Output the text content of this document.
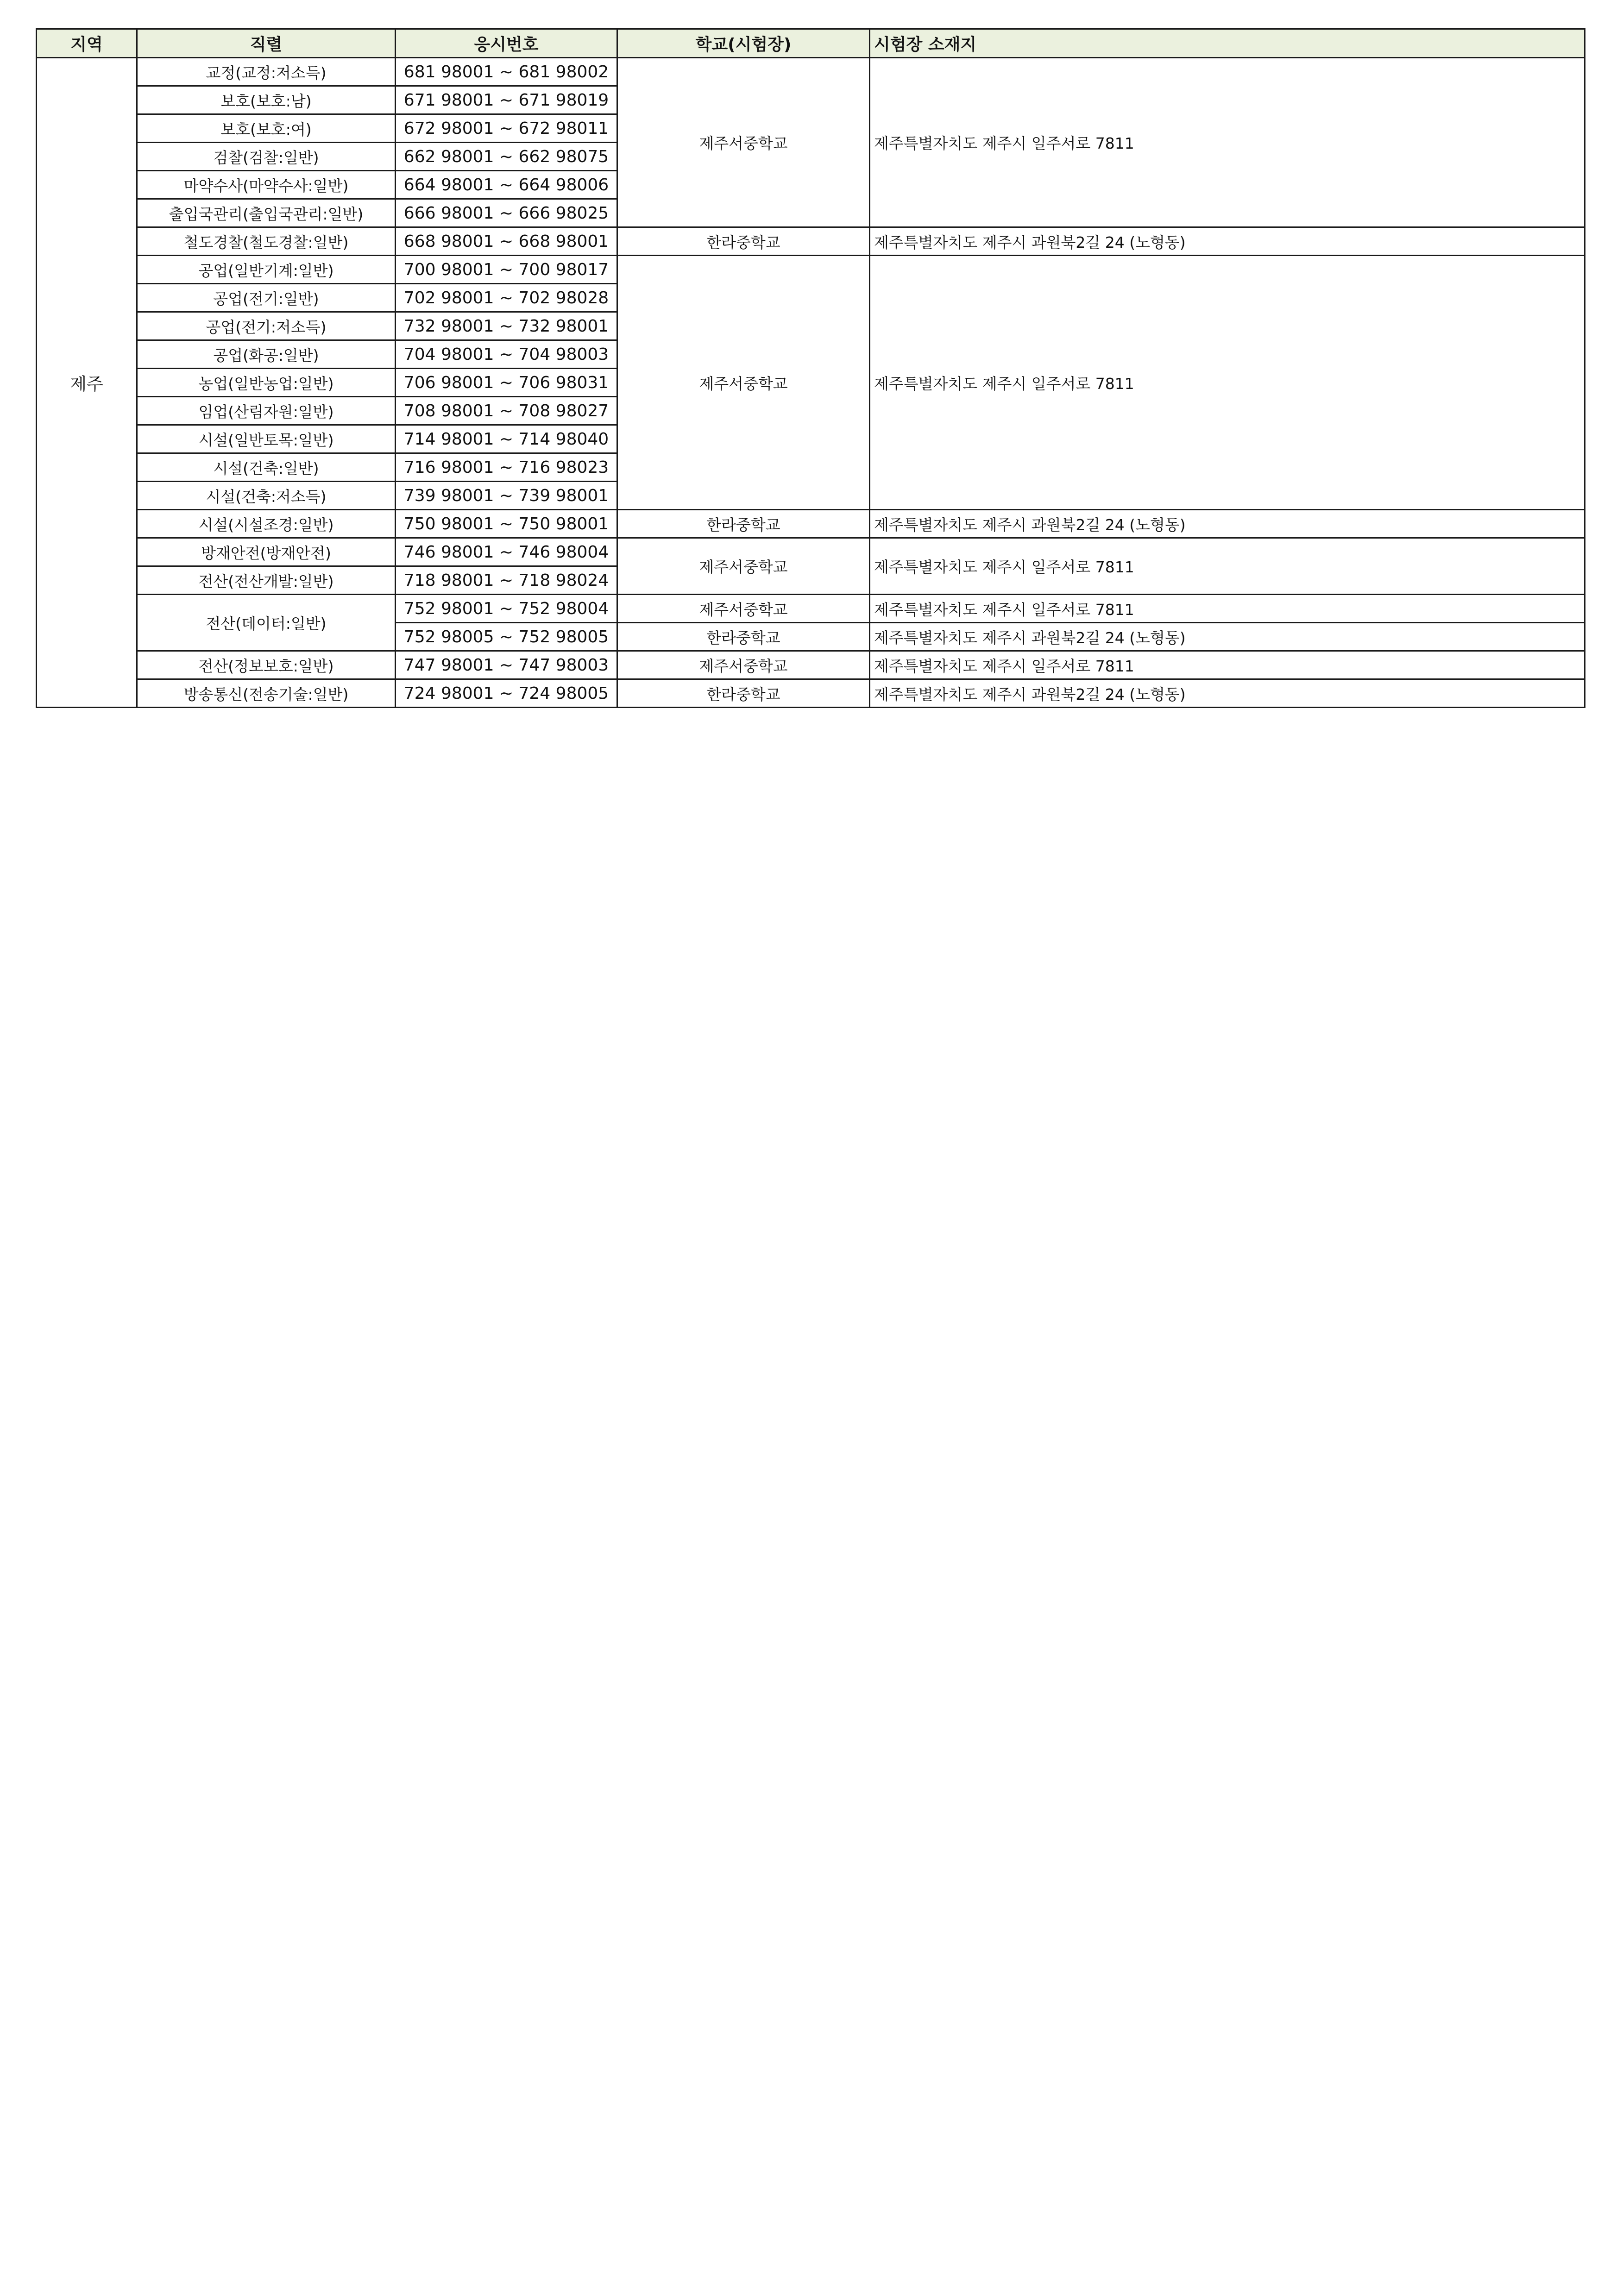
지역	직렬	응시번호	학교(시험장)	시험장 소재지
제주	교정(교정:저소득)	681 98001 ~ 681 98002	제주서중학교	제주특별자치도 제주시 일주서로 7811
	보호(보호:남)	671 98001 ~ 671 98019		
	보호(보호:여)	672 98001 ~ 672 98011		
	검찰(검찰:일반)	662 98001 ~ 662 98075		
	마약수사(마약수사:일반)	664 98001 ~ 664 98006		
	출입국관리(출입국관리:일반)	666 98001 ~ 666 98025		
	철도경찰(철도경찰:일반)	668 98001 ~ 668 98001	한라중학교	제주특별자치도 제주시 과원북2길 24 (노형동)
	공업(일반기계:일반)	700 98001 ~ 700 98017	제주서중학교	제주특별자치도 제주시 일주서로 7811
	공업(전기:일반)	702 98001 ~ 702 98028		
	공업(전기:저소득)	732 98001 ~ 732 98001		
	공업(화공:일반)	704 98001 ~ 704 98003		
	농업(일반농업:일반)	706 98001 ~ 706 98031		
	임업(산림자원:일반)	708 98001 ~ 708 98027		
	시설(일반토목:일반)	714 98001 ~ 714 98040		
	시설(건축:일반)	716 98001 ~ 716 98023		
	시설(건축:저소득)	739 98001 ~ 739 98001		
	시설(시설조경:일반)	750 98001 ~ 750 98001	한라중학교	제주특별자치도 제주시 과원북2길 24 (노형동)
	방재안전(방재안전)	746 98001 ~ 746 98004	제주서중학교	제주특별자치도 제주시 일주서로 7811
	전산(전산개발:일반)	718 98001 ~ 718 98024		
	전산(데이터:일반)	752 98001 ~ 752 98004	제주서중학교	제주특별자치도 제주시 일주서로 7811
		752 98005 ~ 752 98005	한라중학교	제주특별자치도 제주시 과원북2길 24 (노형동)
	전산(정보보호:일반)	747 98001 ~ 747 98003	제주서중학교	제주특별자치도 제주시 일주서로 7811
	방송통신(전송기술:일반)	724 98001 ~ 724 98005	한라중학교	제주특별자치도 제주시 과원북2길 24 (노형동)
